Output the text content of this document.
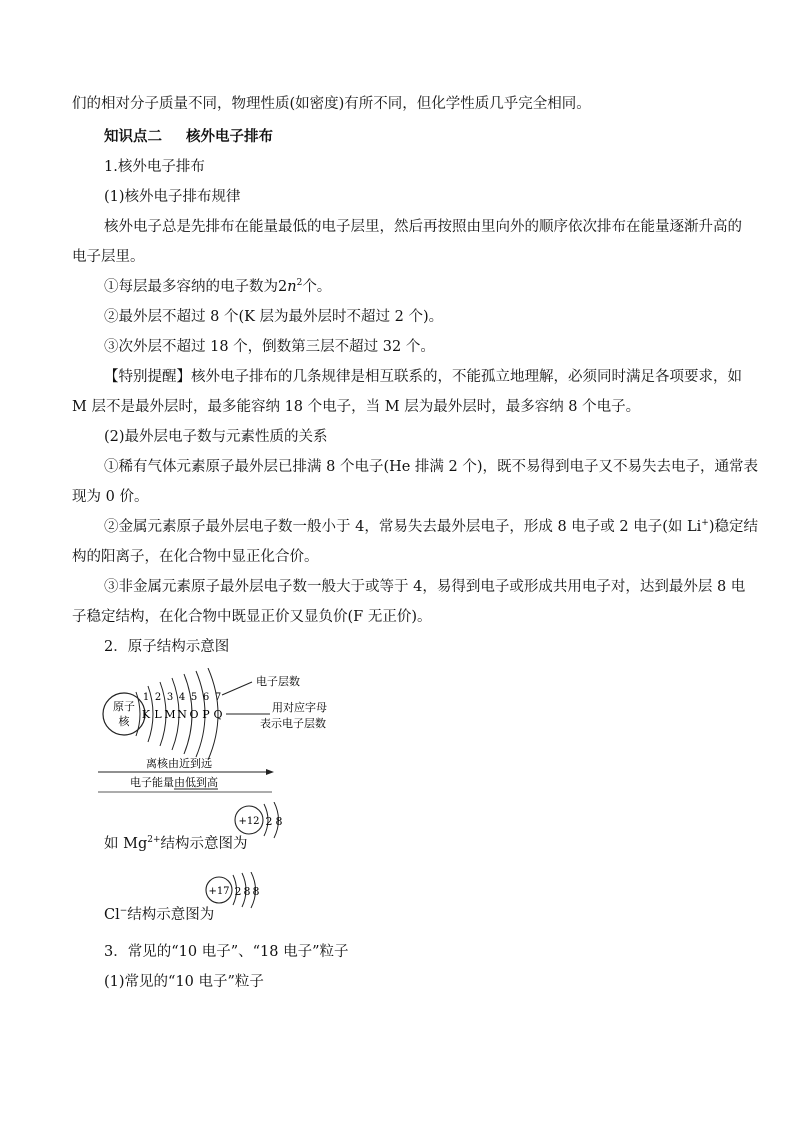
们的相对分子质量不同，物理性质(如密度)有所不同，但化学性质几乎完全相同。
知识点二 核外电子排布
1.核外电子排布
(1)核外电子排布规律
核外电子总是先排布在能量最低的电子层里，然后再按照由里向外的顺序依次排布在能量逐渐升高的
电子层里。
①每层最多容纳的电子数为$2n^2$个。
②最外层不超过 8 个(K 层为最外层时不超过 2 个)。
③次外层不超过 18 个，倒数第三层不超过 32 个。
【特别提醒】核外电子排布的几条规律是相互联系的，不能孤立地理解，必须同时满足各项要求，如
M 层不是最外层时，最多能容纳 18 个电子，当 M 层为最外层时，最多容纳 8 个电子。
(2)最外层电子数与元素性质的关系
①稀有气体元素原子最外层已排满 8 个电子(He 排满 2 个)，既不易得到电子又不易失去电子，通常表
现为 0 价。
②金属元素原子最外层电子数一般小于 4，常易失去最外层电子，形成 8 电子或 2 电子(如 Li+)稳定结
构的阳离子，在化合物中显正化合价。
③非金属元素原子最外层电子数一般大于或等于 4，易得到电子或形成共用电子对，达到最外层 8 电
子稳定结构，在化合物中既显正价又显负价(F 无正价)。
2．原子结构示意图
原子
核
1 2 3 4 5 6 7
K L M N O P Q
电子层数
用对应字母
表示电子层数
离核由近到远
电子能量由低到高
+12 2 8
如 $Mg^{2+}$结构示意图为
+17 2 8 8
Cl−结构示意图为
3．常见的“10 电子”、“18 电子”粒子
(1)常见的“10 电子”粒子
